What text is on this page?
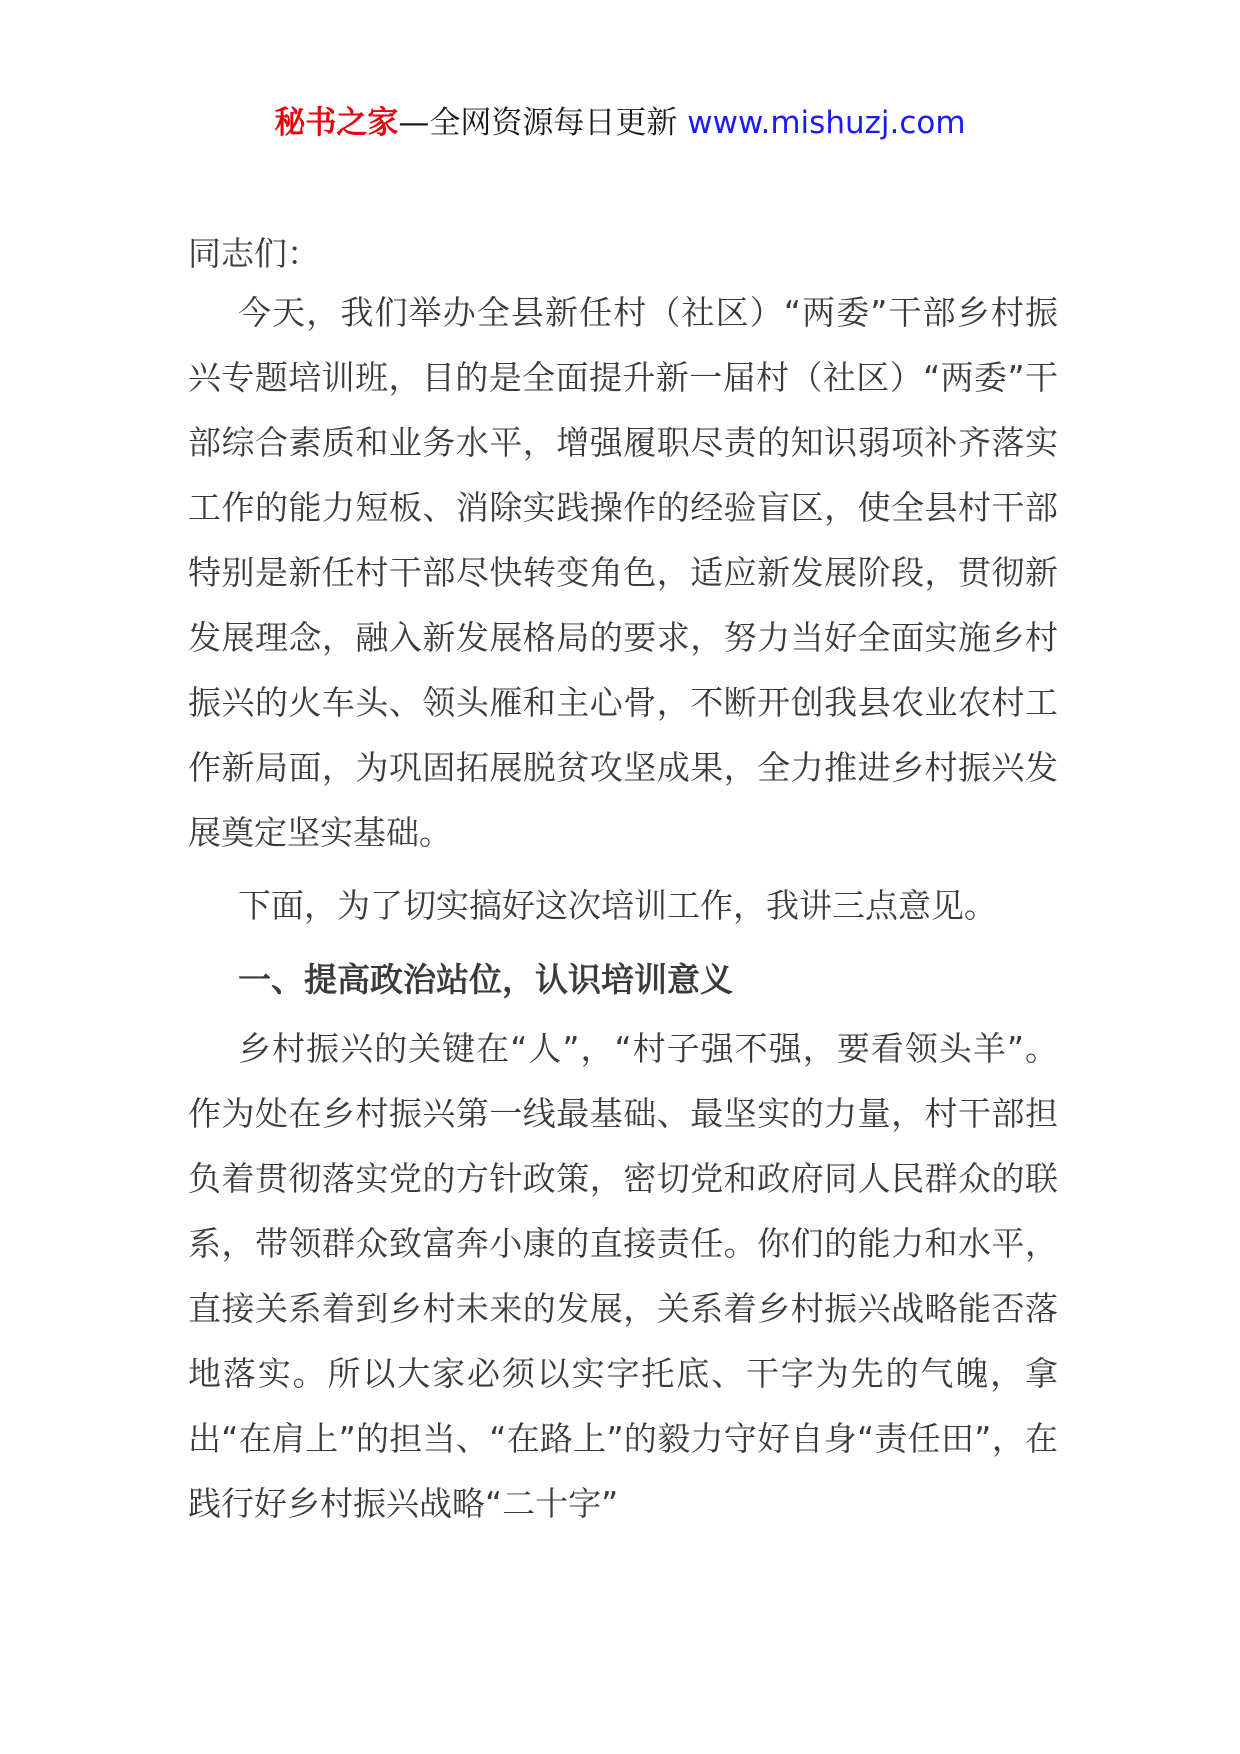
秘书之家—全网资源每日更新 www.mishuzj.com

同志们：

今天，我们举办全县新任村（社区）“两委”干部乡村振兴专题培训班，目的是全面提升新一届村（社区）“两委”干部综合素质和业务水平，增强履职尽责的知识弱项补齐落实工作的能力短板、消除实践操作的经验盲区，使全县村干部特别是新任村干部尽快转变角色，适应新发展阶段，贯彻新发展理念，融入新发展格局的要求，努力当好全面实施乡村振兴的火车头、领头雁和主心骨，不断开创我县农业农村工作新局面，为巩固拓展脱贫攻坚成果，全力推进乡村振兴发展奠定坚实基础。

下面，为了切实搞好这次培训工作，我讲三点意见。

一、提高政治站位，认识培训意义

乡村振兴的关键在“人”，“村子强不强，要看领头羊”。作为处在乡村振兴第一线最基础、最坚实的力量，村干部担负着贯彻落实党的方针政策，密切党和政府同人民群众的联系，带领群众致富奔小康的直接责任。你们的能力和水平，直接关系着到乡村未来的发展，关系着乡村振兴战略能否落地落实。所以大家必须以实字托底、干字为先的气魄，拿出“在肩上”的担当、“在路上”的毅力守好自身“责任田”，在践行好乡村振兴战略“二十字”
